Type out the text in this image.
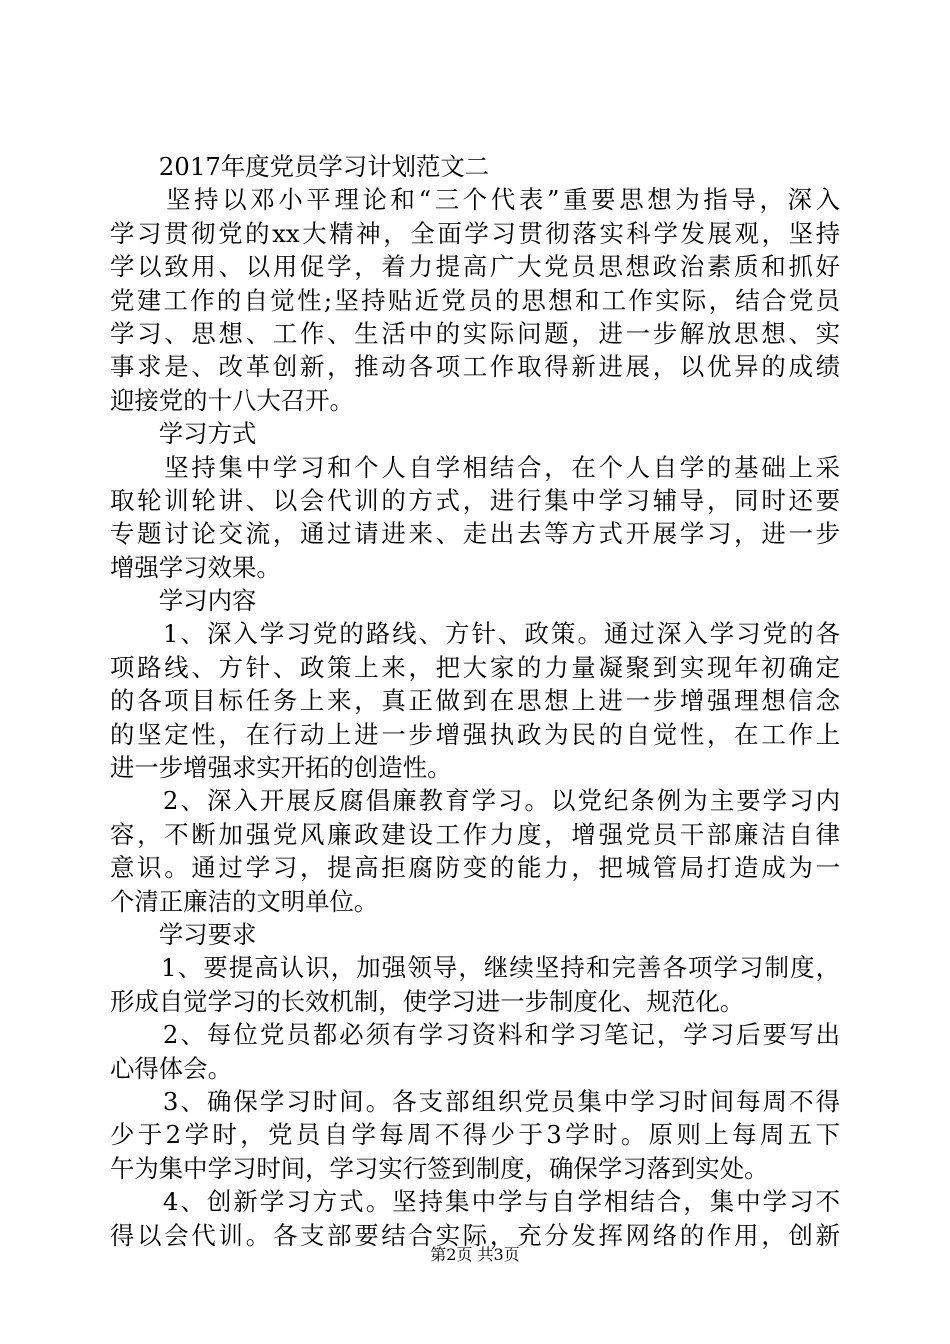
　　2017年度党员学习计划范文二
　　坚持以邓小平理论和“三个代表”重要思想为指导，深入
学习贯彻党的xx大精神，全面学习贯彻落实科学发展观，坚持
学以致用、以用促学，着力提高广大党员思想政治素质和抓好
党建工作的自觉性;坚持贴近党员的思想和工作实际，结合党员
学习、思想、工作、生活中的实际问题，进一步解放思想、实
事求是、改革创新，推动各项工作取得新进展，以优异的成绩
迎接党的十八大召开。
　　学习方式
　　坚持集中学习和个人自学相结合，在个人自学的基础上采
取轮训轮讲、以会代训的方式，进行集中学习辅导，同时还要
专题讨论交流，通过请进来、走出去等方式开展学习，进一步
增强学习效果。
　　学习内容
　　1、深入学习党的路线、方针、政策。通过深入学习党的各
项路线、方针、政策上来，把大家的力量凝聚到实现年初确定
的各项目标任务上来，真正做到在思想上进一步增强理想信念
的坚定性，在行动上进一步增强执政为民的自觉性，在工作上
进一步增强求实开拓的创造性。
　　2、深入开展反腐倡廉教育学习。以党纪条例为主要学习内
容，不断加强党风廉政建设工作力度，增强党员干部廉洁自律
意识。通过学习，提高拒腐防变的能力，把城管局打造成为一
个清正廉洁的文明单位。
　　学习要求
　　1、要提高认识，加强领导，继续坚持和完善各项学习制度，
形成自觉学习的长效机制，使学习进一步制度化、规范化。
　　2、每位党员都必须有学习资料和学习笔记，学习后要写出
心得体会。
　　3、确保学习时间。各支部组织党员集中学习时间每周不得
少于2学时，党员自学每周不得少于3学时。原则上每周五下
午为集中学习时间，学习实行签到制度，确保学习落到实处。
　　4、创新学习方式。坚持集中学与自学相结合，集中学习不
得以会代训。各支部要结合实际，充分发挥网络的作用，创新
第2页 共3页
